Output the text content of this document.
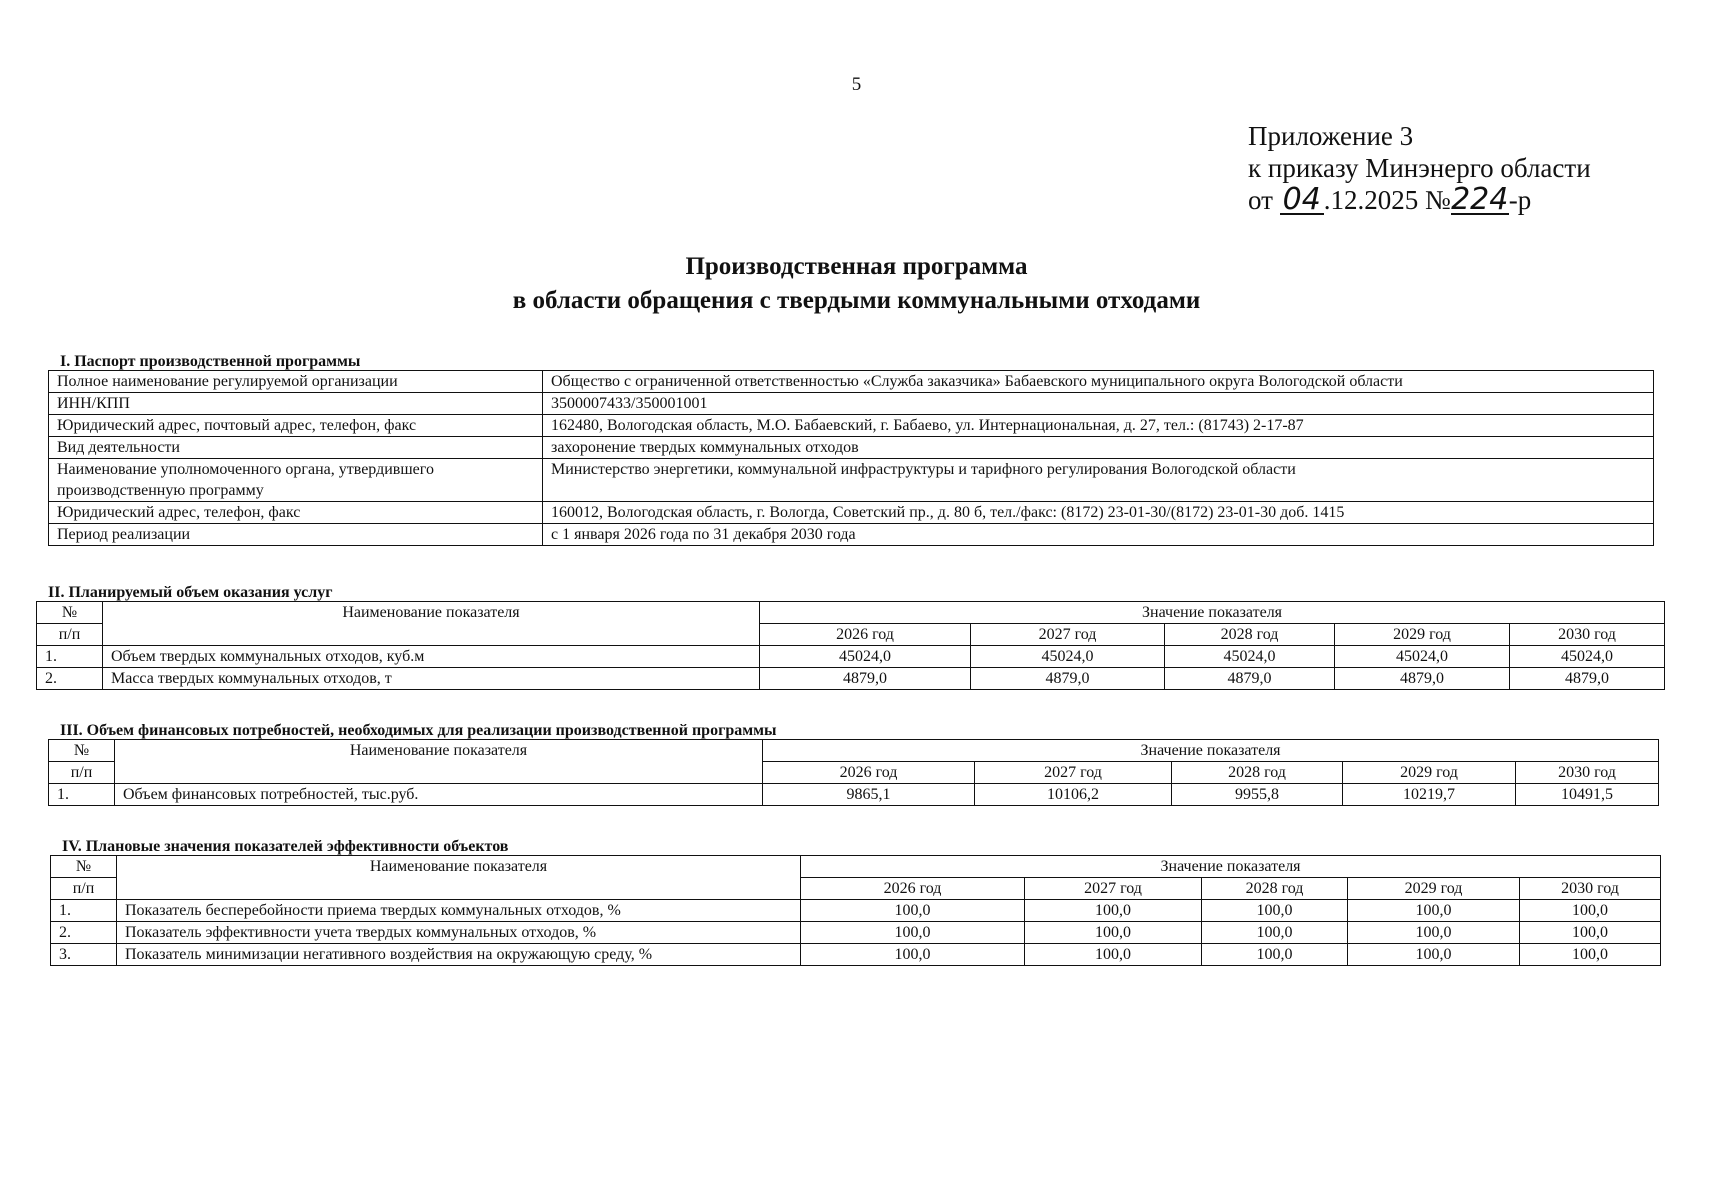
5
Приложение 3
к приказу Минэнерго области
от 04 .12.2025 №224-р
Производственная программа
в области обращения с твердыми коммунальными отходами
I. Паспорт производственной программы
Полное наименование регулируемой организации	Общество с ограниченной ответственностью «Служба заказчика» Бабаевского муниципального округа Вологодской области
ИНН/КПП	3500007433/350001001
Юридический адрес, почтовый адрес, телефон, факс	162480, Вологодская область, М.О. Бабаевский, г. Бабаево, ул. Интернациональная, д. 27, тел.: (81743) 2-17-87
Вид деятельности	захоронение твердых коммунальных отходов
Наименование уполномоченного органа, утвердившего производственную программу	Министерство энергетики, коммунальной инфраструктуры и тарифного регулирования Вологодской области
Юридический адрес, телефон, факс	160012, Вологодская область, г. Вологда, Советский пр., д. 80 б, тел./факс: (8172) 23-01-30/(8172) 23-01-30 доб. 1415
Период реализации	с 1 января 2026 года по 31 декабря 2030 года
II. Планируемый объем оказания услуг
№	Наименование показателя	Значение показателя				
п/п		2026 год	2027 год	2028 год	2029 год	2030 год
1.	Объем твердых коммунальных отходов, куб.м	45024,0	45024,0	45024,0	45024,0	45024,0
2.	Масса твердых коммунальных отходов, т	4879,0	4879,0	4879,0	4879,0	4879,0
III. Объем финансовых потребностей, необходимых для реализации производственной программы
№	Наименование показателя	Значение показателя				
п/п		2026 год	2027 год	2028 год	2029 год	2030 год
1.	Объем финансовых потребностей, тыс.руб.	9865,1	10106,2	9955,8	10219,7	10491,5
IV. Плановые значения показателей эффективности объектов
№	Наименование показателя	Значение показателя				
п/п		2026 год	2027 год	2028 год	2029 год	2030 год
1.	Показатель бесперебойности приема твердых коммунальных отходов, %	100,0	100,0	100,0	100,0	100,0
2.	Показатель эффективности учета твердых коммунальных отходов, %	100,0	100,0	100,0	100,0	100,0
3.	Показатель минимизации негативного воздействия на окружающую среду, %	100,0	100,0	100,0	100,0	100,0
